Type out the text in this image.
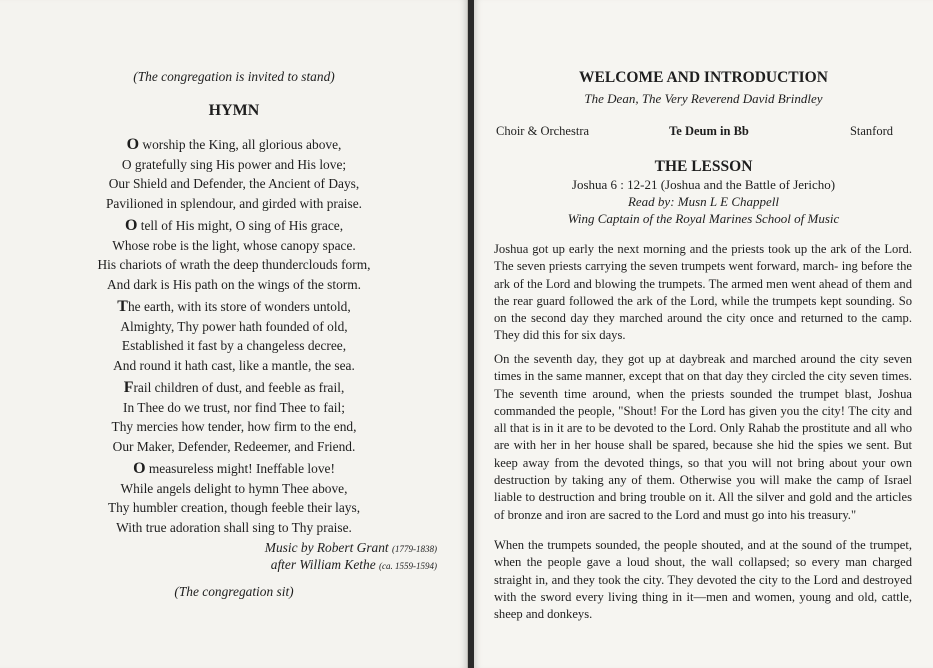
(The congregation is invited to stand)
HYMN
O worship the King, all glorious above,
O gratefully sing His power and His love;
Our Shield and Defender, the Ancient of Days,
Pavilioned in splendour, and girded with praise.
O tell of His might, O sing of His grace,
Whose robe is the light, whose canopy space.
His chariots of wrath the deep thunderclouds form,
And dark is His path on the wings of the storm.
The earth, with its store of wonders untold,
Almighty, Thy power hath founded of old,
Established it fast by a changeless decree,
And round it hath cast, like a mantle, the sea.
Frail children of dust, and feeble as frail,
In Thee do we trust, nor find Thee to fail;
Thy mercies how tender, how firm to the end,
Our Maker, Defender, Redeemer, and Friend.
O measureless might! Ineffable love!
While angels delight to hymn Thee above,
Thy humbler creation, though feeble their lays,
With true adoration shall sing to Thy praise.
Music by Robert Grant (1779-1838)
after William Kethe (ca. 1559-1594)
(The congregation sit)
WELCOME AND INTRODUCTION
The Dean, The Very Reverend David Brindley
Choir & Orchestra	Te Deum in Bb	Stanford
THE LESSON
Joshua 6 : 12-21 (Joshua and the Battle of Jericho)
Read by: Musn L E Chappell
Wing Captain of the Royal Marines School of Music
Joshua got up early the next morning and the priests took up the ark of the Lord. The seven priests carrying the seven trumpets went forward, march- ing before the ark of the Lord and blowing the trumpets. The armed men went ahead of them and the rear guard followed the ark of the Lord, while the trumpets kept sounding. So on the second day they marched around the city once and returned to the camp. They did this for six days.
On the seventh day, they got up at daybreak and marched around the city seven times in the same manner, except that on that day they circled the city seven times. The seventh time around, when the priests sounded the trumpet blast, Joshua commanded the people, "Shout! For the Lord has given you the city! The city and all that is in it are to be devoted to the Lord. Only Rahab the prostitute and all who are with her in her house shall be spared, because she hid the spies we sent. But keep away from the devoted things, so that you will not bring about your own destruction by taking any of them. Otherwise you will make the camp of Israel liable to destruction and bring trouble on it. All the silver and gold and the articles of bronze and iron are sacred to the Lord and must go into his treasury."
When the trumpets sounded, the people shouted, and at the sound of the trumpet, when the people gave a loud shout, the wall collapsed; so every man charged straight in, and they took the city. They devoted the city to the Lord and destroyed with the sword every living thing in it—men and women, young and old, cattle, sheep and donkeys.
